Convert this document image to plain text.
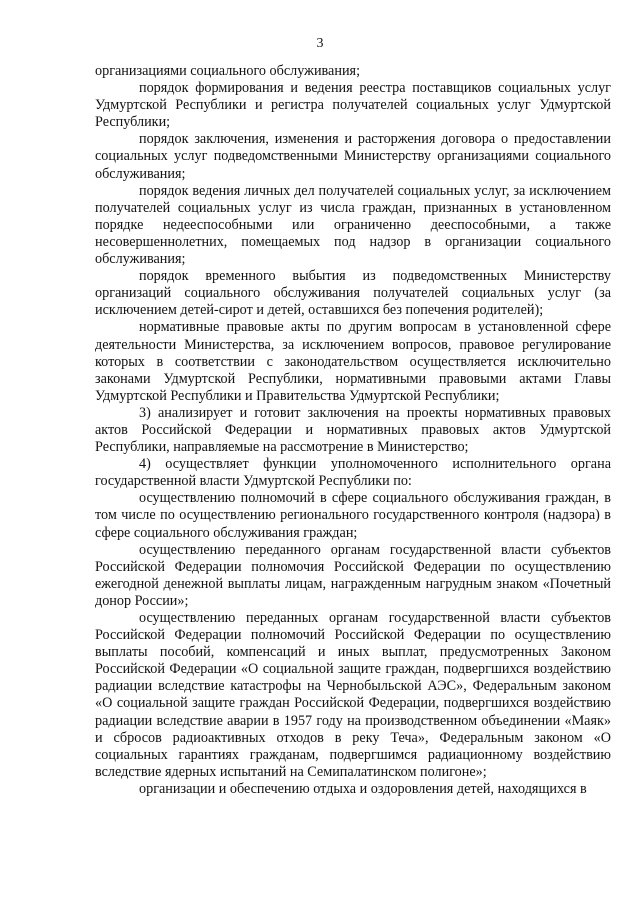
3

организациями социального обслуживания;

порядок формирования и ведения реестра поставщиков социальных услуг Удмуртской Республики и регистра получателей социальных услуг Удмуртской Республики;

порядок заключения, изменения и расторжения договора о предоставлении социальных услуг подведомственными Министерству организациями социального обслуживания;

порядок ведения личных дел получателей социальных услуг, за исключением получателей социальных услуг из числа граждан, признанных в установленном порядке недееспособными или ограниченно дееспособными, а также несовершеннолетних, помещаемых под надзор в организации социального обслуживания;

порядок временного выбытия из подведомственных Министерству организаций социального обслуживания получателей социальных услуг (за исключением детей-сирот и детей, оставшихся без попечения родителей);

нормативные правовые акты по другим вопросам в установленной сфере деятельности Министерства, за исключением вопросов, правовое регулирование которых в соответствии с законодательством осуществляется исключительно законами Удмуртской Республики, нормативными правовыми актами Главы Удмуртской Республики и Правительства Удмуртской Республики;

3) анализирует и готовит заключения на проекты нормативных правовых актов Российской Федерации и нормативных правовых актов Удмуртской Республики, направляемые на рассмотрение в Министерство;

4) осуществляет функции уполномоченного исполнительного органа государственной власти Удмуртской Республики по:

осуществлению полномочий в сфере социального обслуживания граждан, в том числе по осуществлению регионального государственного контроля (надзора) в сфере социального обслуживания граждан;

осуществлению переданного органам государственной власти субъектов Российской Федерации полномочия Российской Федерации по осуществлению ежегодной денежной выплаты лицам, награжденным нагрудным знаком «Почетный донор России»;

осуществлению переданных органам государственной власти субъектов Российской Федерации полномочий Российской Федерации по осуществлению выплаты пособий, компенсаций и иных выплат, предусмотренных Законом Российской Федерации «О социальной защите граждан, подвергшихся воздействию радиации вследствие катастрофы на Чернобыльской АЭС», Федеральным законом «О социальной защите граждан Российской Федерации, подвергшихся воздействию радиации вследствие аварии в 1957 году на производственном объединении «Маяк» и сбросов радиоактивных отходов в реку Теча», Федеральным законом «О социальных гарантиях гражданам, подвергшимся радиационному воздействию вследствие ядерных испытаний на Семипалатинском полигоне»;

организации и обеспечению отдыха и оздоровления детей, находящихся в
